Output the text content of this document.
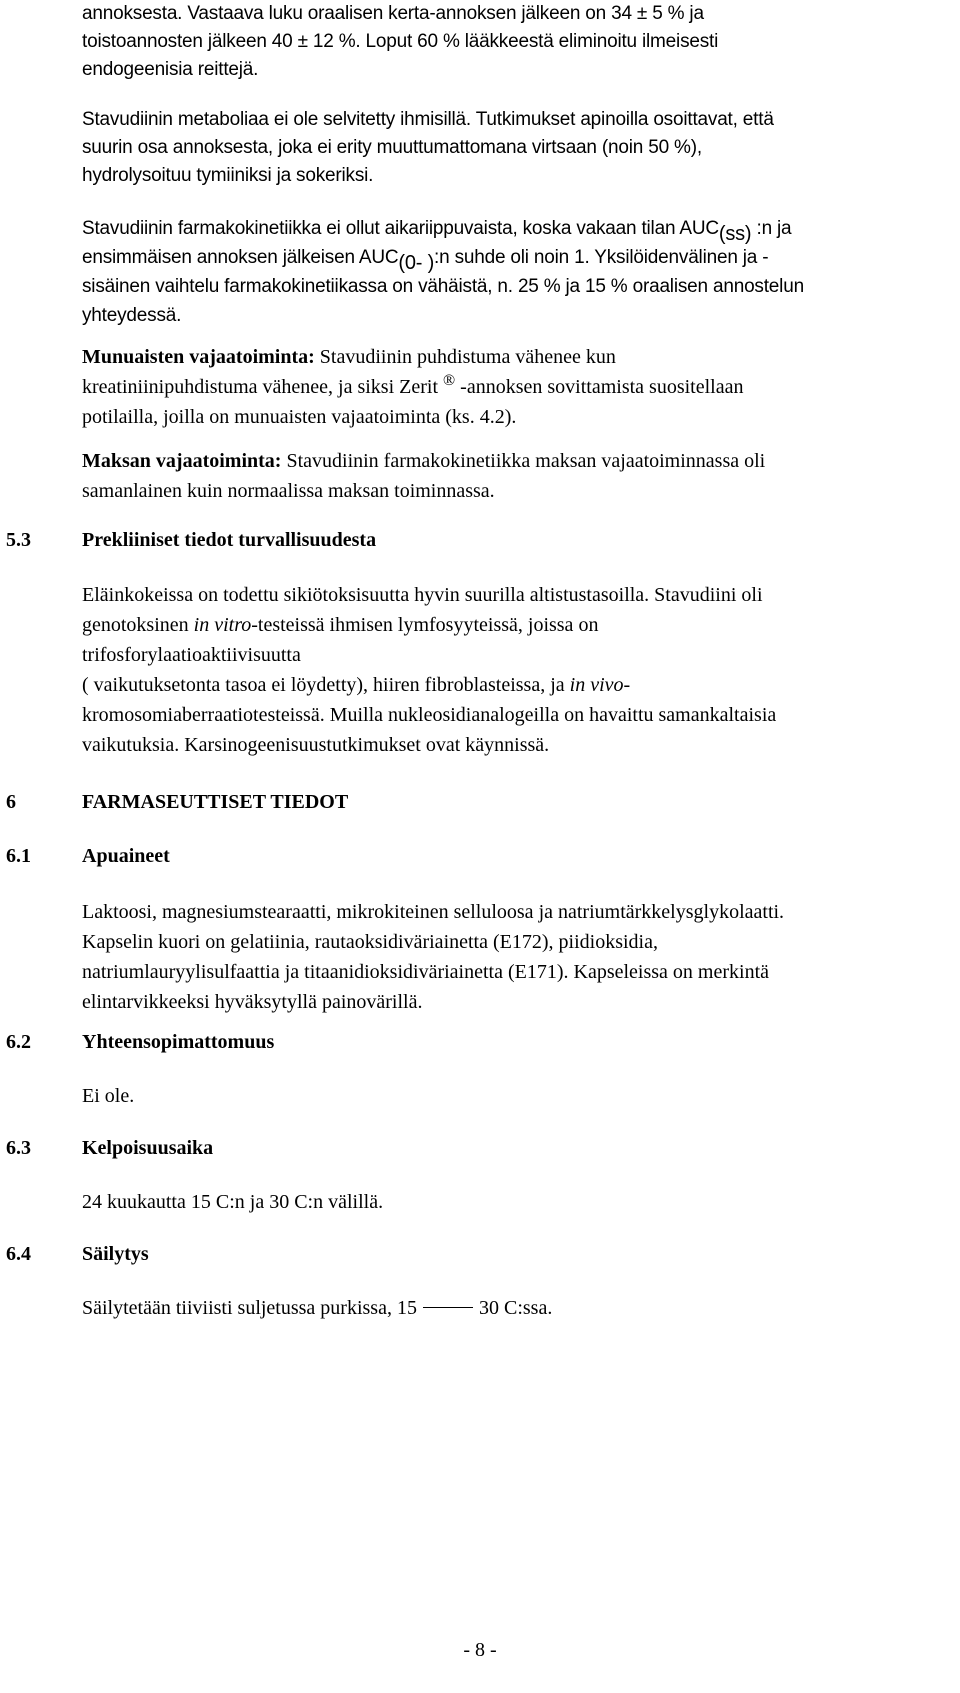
annoksesta. Vastaava luku oraalisen kerta-annoksen jälkeen on 34 ± 5 % ja
toistoannosten jälkeen 40 ± 12 %. Loput 60 % lääkkeestä eliminoitu ilmeisesti
endogeenisia reittejä.
Stavudiinin metaboliaa ei ole selvitetty ihmisillä. Tutkimukset apinoilla osoittavat, että
suurin osa annoksesta, joka ei erity muuttumattomana virtsaan (noin 50 %),
hydrolysoituu tymiiniksi ja sokeriksi.
Stavudiinin farmakokinetiikka ei ollut aikariippuvaista, koska vakaan tilan $AUC_{(ss)}$ :n ja
ensimmäisen annoksen jälkeisen $AUC_{(0- )}:n$ suhde oli noin 1. Yksilöidenvälinen ja -
sisäinen vaihtelu farmakokinetiikassa on vähäistä, n. 25 % ja 15 % oraalisen annostelun
yhteydessä.
Munuaisten vajaatoiminta: Stavudiinin puhdistuma vähenee kun
kreatiniinipuhdistuma vähenee, ja siksi Zerit ® -annoksen sovittamista suositellaan
potilailla, joilla on munuaisten vajaatoiminta (ks. 4.2).
Maksan vajaatoiminta: Stavudiinin farmakokinetiikka maksan vajaatoiminnassa oli
samanlainen kuin normaalissa maksan toiminnassa.
5.3	Prekliiniset tiedot turvallisuudesta
Eläinkokeissa on todettu sikiötoksisuutta hyvin suurilla altistustasoilla. Stavudiini oli
genotoksinen in vitro-testeissä ihmisen lymfosyyteissä, joissa on
trifosforylaatioaktiivisuutta
( vaikutuksetonta tasoa ei löydetty), hiiren fibroblasteissa, ja in vivo-
kromosomiaberraatiotesteissä. Muilla nukleosidianalogeilla on havaittu samankaltaisia
vaikutuksia. Karsinogeenisuustutkimukset ovat käynnissä.
6	FARMASEUTTISET TIEDOT
6.1	Apuaineet
Laktoosi, magnesiumstearaatti, mikrokiteinen selluloosa ja natriumtärkkelysglykolaatti.
Kapselin kuori on gelatiinia, rautaoksidiväriainetta (E172), piidioksidia,
natriumlauryylisulfaattia ja titaanidioksidiväriainetta (E171). Kapseleissa on merkintä
elintarvikkeeksi hyväksytyllä painovärillä.
6.2	Yhteensopimattomuus
Ei ole.
6.3	Kelpoisuusaika
24 kuukautta 15 C:n ja 30 C:n välillä.
6.4	Säilytys
Säilytetään tiiviisti suljetussa purkissa, 15	30 C:ssa.
- 8 -
